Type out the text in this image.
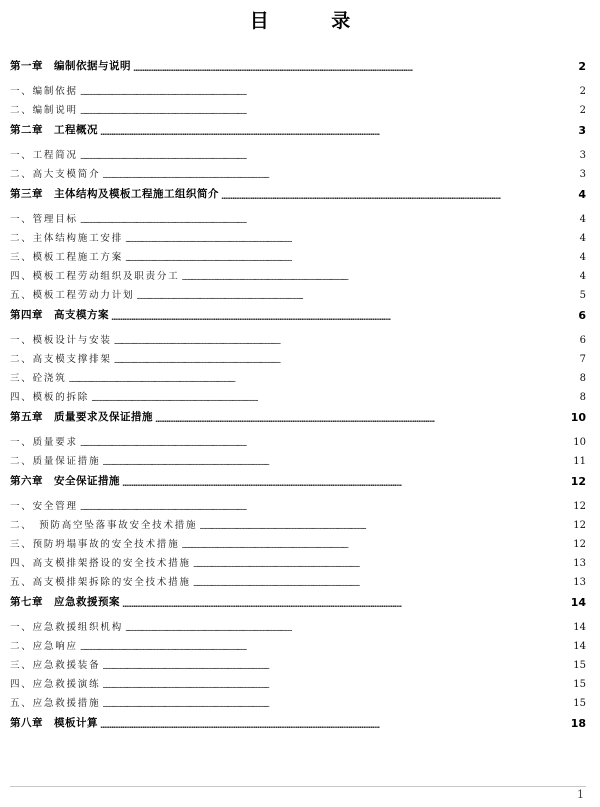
目 录
第一章　编制依据与说明 . . .	2
一、编制依据 . . .	2
二、编制说明 . . .	2
第二章　工程概况 . . .	3
一、工程简况 . . .	3
二、高大支模简介 . . .	3
第三章　主体结构及模板工程施工组织简介 . . .	4
一、管理目标 . . .	4
二、主体结构施工安排 . . .	4
三、模板工程施工方案 . . .	4
四、模板工程劳动组织及职责分工 . . .	4
五、模板工程劳动力计划 . . .	5
第四章　高支模方案 . . .	6
一、模板设计与安装 . . .	6
二、高支模支撑排架 . . .	7
三、砼浇筑 . . .	8
四、模板的拆除 . . .	8
第五章　质量要求及保证措施 . . .	10
一、质量要求 . . .	10
二、质量保证措施 . . .	11
第六章　安全保证措施 . . .	12
一、安全管理 . . .	12
二、　预防高空坠落事故安全技术措施 . . .	12
三、预防坍塌事故的安全技术措施 . . .	12
四、高支模排架搭设的安全技术措施 . . .	13
五、高支模排架拆除的安全技术措施 . . .	13
第七章　应急救援预案 . . .	14
一、应急救援组织机构 . . .	14
二、应急响应 . . .	14
三、应急救援装备 . . .	15
四、应急救援演练 . . .	15
五、应急救援措施 . . .	15
第八章　模板计算 . . .	18
1
